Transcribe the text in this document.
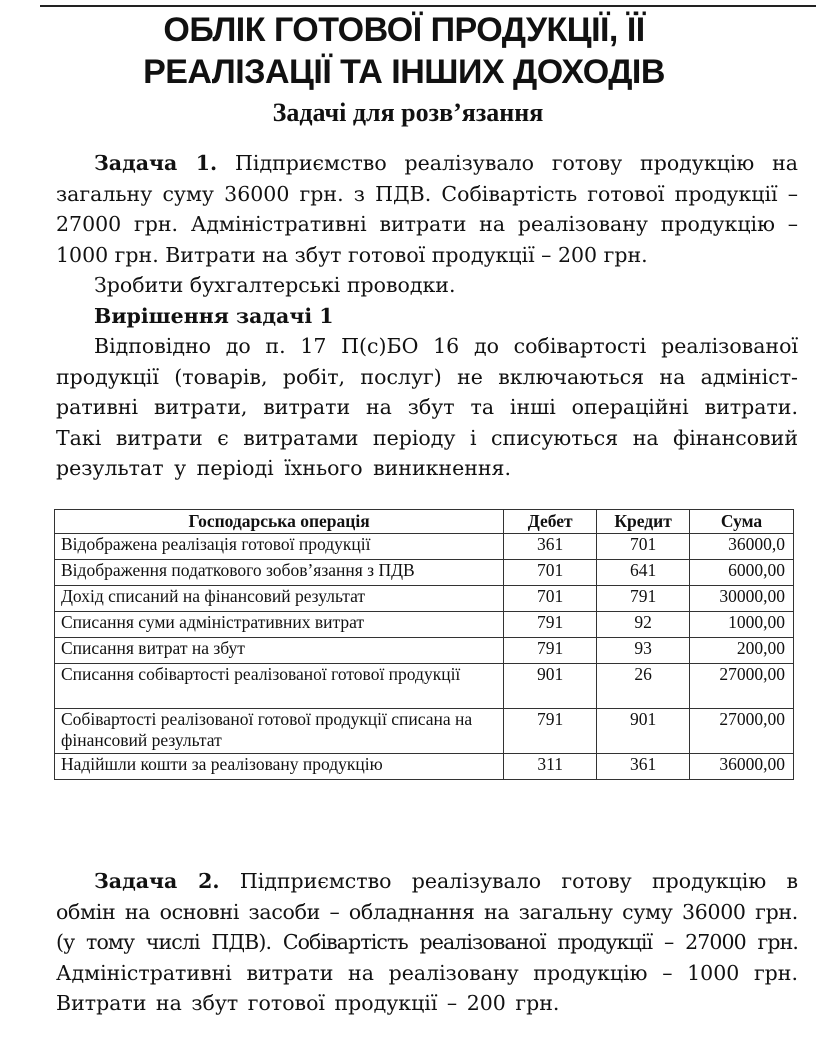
ОБЛІК ГОТОВОЇ ПРОДУКЦІЇ, ЇЇ
РЕАЛІЗАЦІЇ ТА ІНШИХ ДОХОДІВ
Задачі для розв’язання
Задача 1. Підприємство реалізувало готову продукцію на
загальну суму 36000 грн. з ПДВ. Собівартість готової продукції –
27000 грн. Адміністративні витрати на реалізовану продукцію –
1000 грн. Витрати на збут готової продукції – 200 грн.
Зробити бухгалтерські проводки.
Вирішення задачі 1
Відповідно до п. 17 П(с)БО 16 до собівартості реалізованої
продукції (товарів, робіт, послуг) не включаються на адмініст-
ративні витрати, витрати на збут та інші операційні витрати.
Такі витрати є витратами періоду і списуються на фінансовий
результат у періоді їхнього виникнення.
Господарська операція	Дебет	Кредит	Сума
Відображена реалізація готової продукції	361	701	36000,0
Відображення податкового зобов’язання з ПДВ	701	641	6000,00
Дохід списаний на фінансовий результат	701	791	30000,00
Списання суми адміністративних витрат	791	92	1000,00
Списання витрат на збут	791	93	200,00
Списання собівартості реалізованої готової продукції	901	26	27000,00
Собівартості реалізованої готової продукції списана на фінансовий результат	791	901	27000,00
Надійшли кошти за реалізовану продукцію	311	361	36000,00
Задача 2. Підприємство реалізувало готову продукцію в
обмін на основні засоби – обладнання на загальну суму 36000 грн.
(у тому числі ПДВ). Собівартість реалізованої продукції – 27000 грн.
Адміністративні витрати на реалізовану продукцію – 1000 грн.
Витрати на збут готової продукції – 200 грн.
